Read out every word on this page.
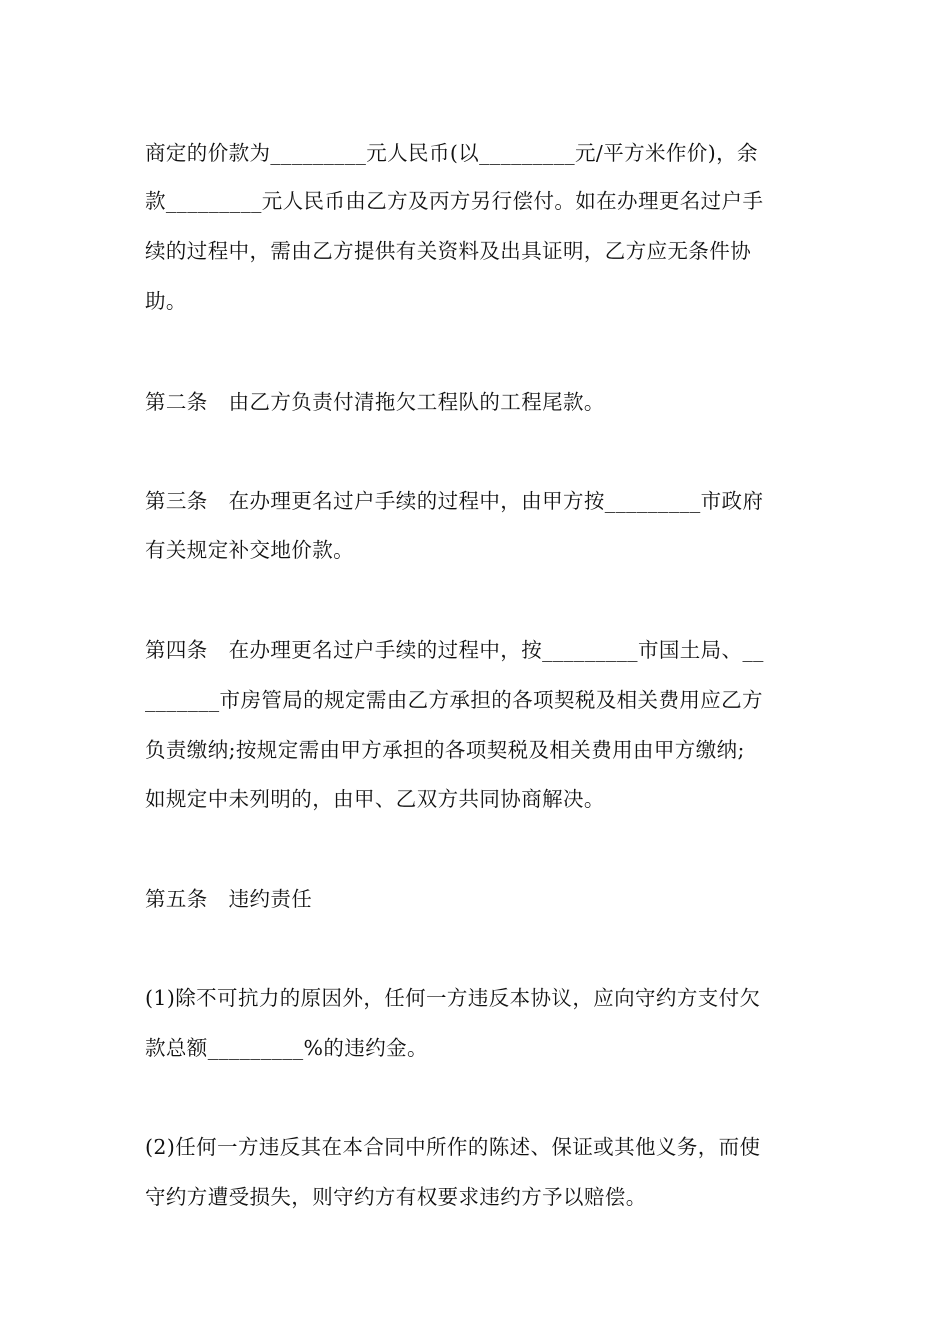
商定的价款为_________元人民币(以_________元/平方米作价)，余
款_________元人民币由乙方及丙方另行偿付。如在办理更名过户手
续的过程中，需由乙方提供有关资料及出具证明，乙方应无条件协
助。
第二条　由乙方负责付清拖欠工程队的工程尾款。
第三条　在办理更名过户手续的过程中，由甲方按_________市政府
有关规定补交地价款。
第四条　在办理更名过户手续的过程中，按_________市国土局、__
_______市房管局的规定需由乙方承担的各项契税及相关费用应乙方
负责缴纳;按规定需由甲方承担的各项契税及相关费用由甲方缴纳;
如规定中未列明的，由甲、乙双方共同协商解决。
第五条　违约责任
(1)除不可抗力的原因外，任何一方违反本协议，应向守约方支付欠
款总额_________%的违约金。
(2)任何一方违反其在本合同中所作的陈述、保证或其他义务，而使
守约方遭受损失，则守约方有权要求违约方予以赔偿。
